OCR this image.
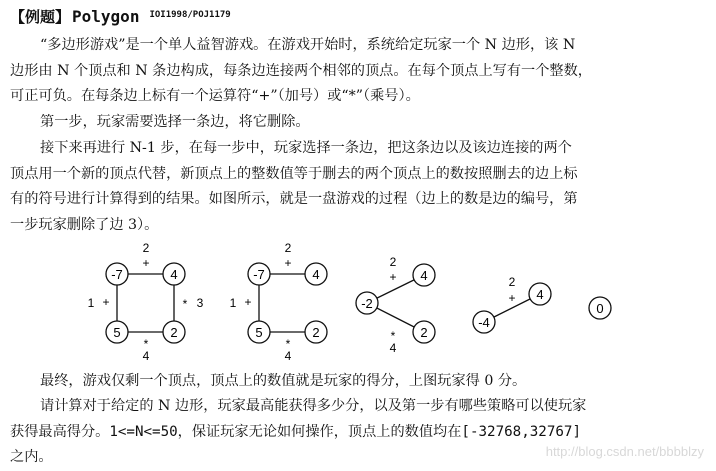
【例题】 Polygon $^{IOI1998/POJ1179}$

“多边形游戏”是一个单人益智游戏。在游戏开始时，系统给定玩家一个 N 边形，该 N
边形由 N 个顶点和 N 条边构成，每条边连接两个相邻的顶点。在每个顶点上写有一个整数，
可正可负。在每条边上标有一个运算符“+”（加号）或“*”（乘号）。

第一步，玩家需要选择一条边，将它删除。

接下来再进行 N-1 步，在每一步中，玩家选择一条边，把这条边以及该边连接的两个
顶点用一个新的顶点代替，新顶点上的整数值等于删去的两个顶点上的数按照删去的边上标
有的符号进行计算得到的结果。如图所示，就是一盘游戏的过程（边上的数是边的编号，第
一步玩家删除了边 3）。

-7	4
5	2
2
+
1 +	* 3
*
4
-7	4
5	2
2
+
1 +
*
4
-2
4
2
2
+
*
4
-4
4
2
+
0

最终，游戏仅剩一个顶点，顶点上的数值就是玩家的得分，上图玩家得 0 分。

请计算对于给定的 N 边形，玩家最高能获得多少分，以及第一步有哪些策略可以使玩家
获得最高得分。1<=N<=50，保证玩家无论如何操作，顶点上的数值均在[-32768,32767]
之内。	http://blog.csdn.net/bbbblzy
